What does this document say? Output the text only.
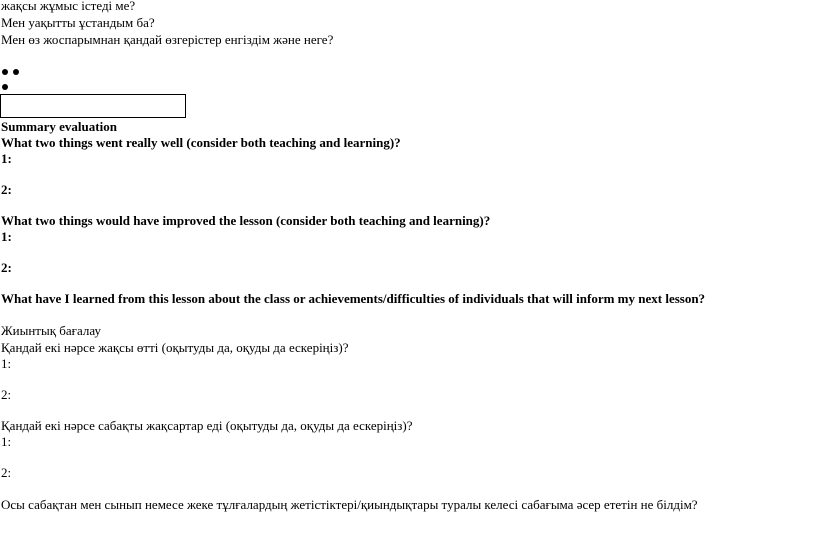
жақсы жұмыс істеді ме?
Мен уақытты ұстандым ба?
Мен өз жоспарымнан қандай өзгерістер енгіздім және неге?
Summary evaluation
What two things went really well (consider both teaching and learning)?
1:
2:
What two things would have improved the lesson (consider both teaching and learning)?
1:
2:
What have I learned from this lesson about the class or achievements/difficulties of individuals that will inform my next lesson?
Жиынтық бағалау
Қандай екі нәрсе жақсы өтті (оқытуды да, оқуды да ескеріңіз)?
1:
2:
Қандай екі нәрсе сабақты жақсартар еді (оқытуды да, оқуды да ескеріңіз)?
1:
2:
Осы сабақтан мен сынып немесе жеке тұлғалардың жетістіктері/қиындықтары туралы келесі сабағыма әсер ететін не білдім?
